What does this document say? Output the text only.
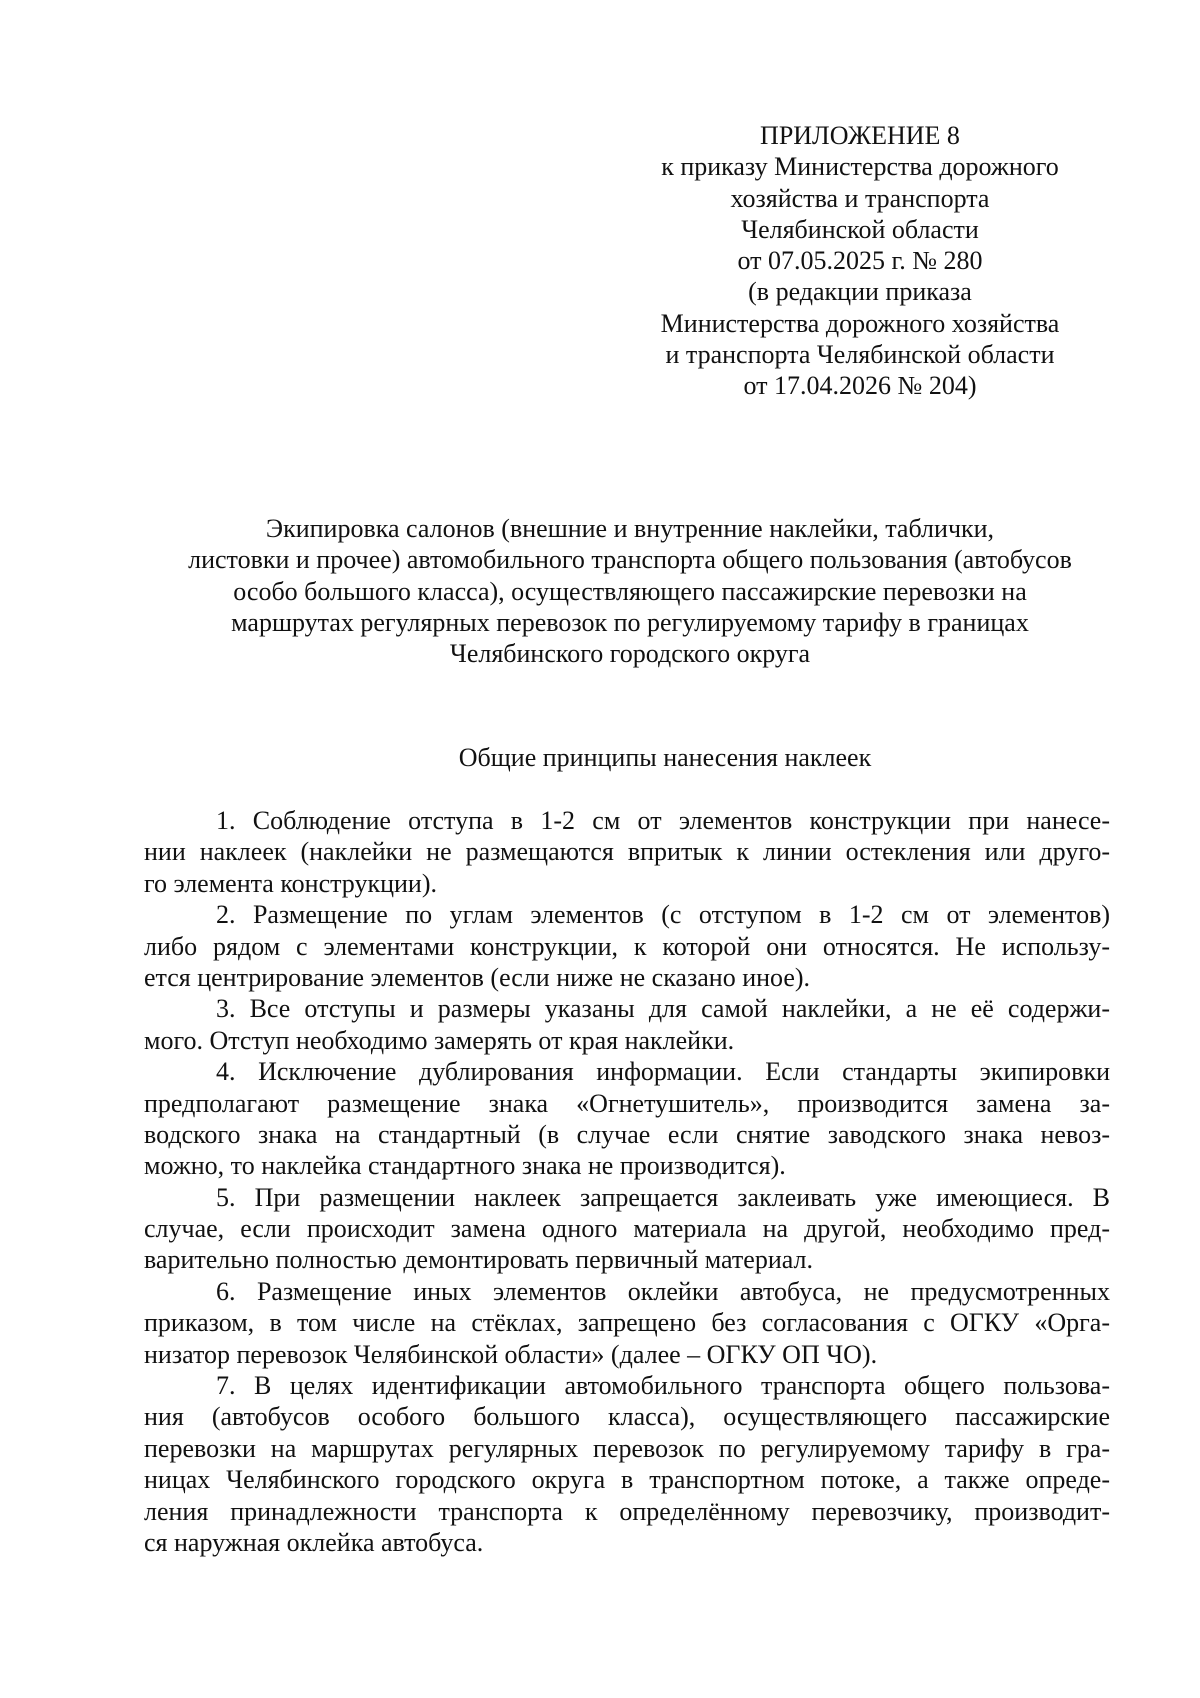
ПРИЛОЖЕНИЕ 8
к приказу Министерства дорожного
хозяйства и транспорта
Челябинской области
от 07.05.2025 г. № 280
(в редакции приказа
Министерства дорожного хозяйства
и транспорта Челябинской области
от 17.04.2026 № 204)
Экипировка салонов (внешние и внутренние наклейки, таблички,
листовки и прочее) автомобильного транспорта общего пользования (автобусов
особо большого класса), осуществляющего пассажирские перевозки на
маршрутах регулярных перевозок по регулируемому тарифу в границах
Челябинского городского округа
Общие принципы нанесения наклеек
1. Соблюдение отступа в 1-2 см от элементов конструкции при нанесе-
нии наклеек (наклейки не размещаются впритык к линии остекления или друго-
го элемента конструкции).
2. Размещение по углам элементов (с отступом в 1-2 см от элементов)
либо рядом с элементами конструкции, к которой они относятся. Не использу-
ется центрирование элементов (если ниже не сказано иное).
3. Все отступы и размеры указаны для самой наклейки, а не её содержи-
мого. Отступ необходимо замерять от края наклейки.
4. Исключение дублирования информации. Если стандарты экипировки
предполагают размещение знака «Огнетушитель», производится замена за-
водского знака на стандартный (в случае если снятие заводского знака невоз-
можно, то наклейка стандартного знака не производится).
5. При размещении наклеек запрещается заклеивать уже имеющиеся. В
случае, если происходит замена одного материала на другой, необходимо пред-
варительно полностью демонтировать первичный материал.
6. Размещение иных элементов оклейки автобуса, не предусмотренных
приказом, в том числе на стёклах, запрещено без согласования с ОГКУ «Орга-
низатор перевозок Челябинской области» (далее – ОГКУ ОП ЧО).
7. В целях идентификации автомобильного транспорта общего пользова-
ния (автобусов особого большого класса), осуществляющего пассажирские
перевозки на маршрутах регулярных перевозок по регулируемому тарифу в гра-
ницах Челябинского городского округа в транспортном потоке, а также опреде-
ления принадлежности транспорта к определённому перевозчику, производит-
ся наружная оклейка автобуса.
